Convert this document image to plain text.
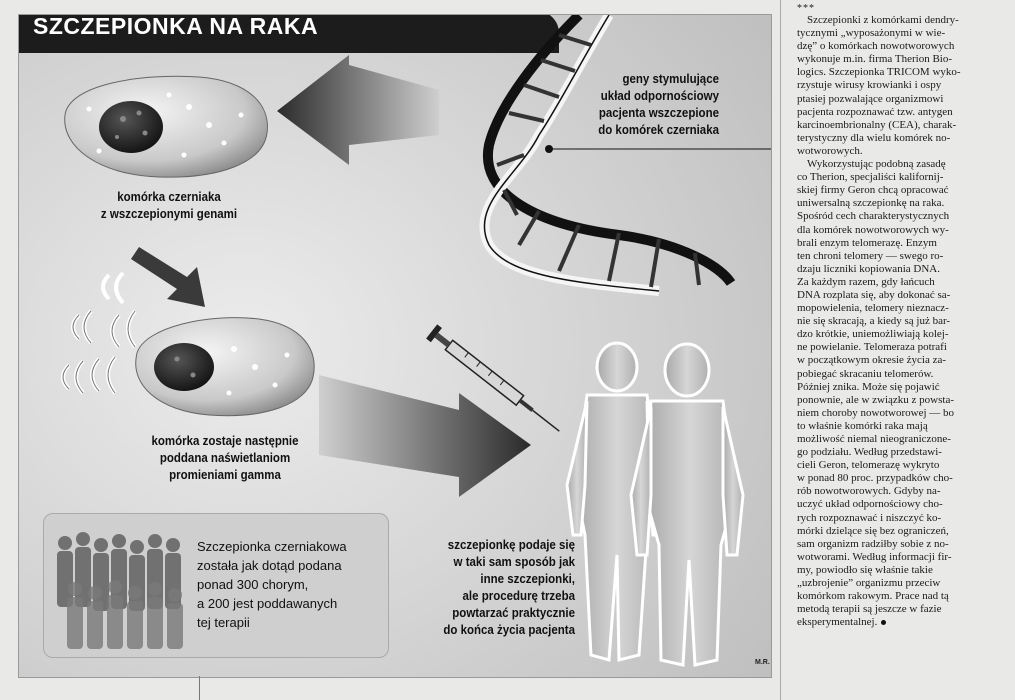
SZCZEPIONKA NA RAKA
geny stymulujące
układ odpornościowy
pacjenta wszczepione
do komórek czerniaka
komórka czerniaka
z wszczepionymi genami
komórka zostaje następnie
poddana naświetlaniom
promieniami gamma
szczepionkę podaje się
w taki sam sposób jak
inne szczepionki,
ale procedurę trzeba
powtarzać praktycznie
do końca życia pacjenta
Szczepionka czerniakowa
została jak dotąd podana
ponad 300 chorym,
a 200 jest poddawanych
tej terapii
M.R.
***
Szczepionki z komórkami dendry-
tycznymi „wyposażonymi w wie-
dzę” o komórkach nowotworowych
wykonuje m.in. firma Therion Bio-
logics. Szczepionka TRICOM wyko-
rzystuje wirusy krowianki i ospy
ptasiej pozwalające organizmowi
pacjenta rozpoznawać tzw. antygen
karcinoembrionalny (CEA), charak-
terystyczny dla wielu komórek no-
wotworowych.
Wykorzystując podobną zasadę
co Therion, specjaliści kalifornij-
skiej firmy Geron chcą opracować
uniwersalną szczepionkę na raka.
Spośród cech charakterystycznych
dla komórek nowotworowych wy-
brali enzym telomerazę. Enzym
ten chroni telomery — swego ro-
dzaju liczniki kopiowania DNA.
Za każdym razem, gdy łańcuch
DNA rozplata się, aby dokonać sa-
mopowielenia, telomery nieznacz-
nie się skracają, a kiedy są już bar-
dzo krótkie, uniemożliwiają kolej-
ne powielanie. Telomeraza potrafi
w początkowym okresie życia za-
pobiegać skracaniu telomerów.
Później znika. Może się pojawić
ponownie, ale w związku z powsta-
niem choroby nowotworowej — bo
to właśnie komórki raka mają
możliwość niemal nieograniczone-
go podziału. Według przedstawi-
cieli Geron, telomerazę wykryto
w ponad 80 proc. przypadków cho-
rób nowotworowych. Gdyby na-
uczyć układ odpornościowy cho-
rych rozpoznawać i niszczyć ko-
mórki dzielące się bez ograniczeń,
sam organizm radziłby sobie z no-
wotworami. Według informacji fir-
my, powiodło się właśnie takie
„uzbrojenie” organizmu przeciw
komórkom rakowym. Prace nad tą
metodą terapii są jeszcze w fazie
eksperymentalnej.
